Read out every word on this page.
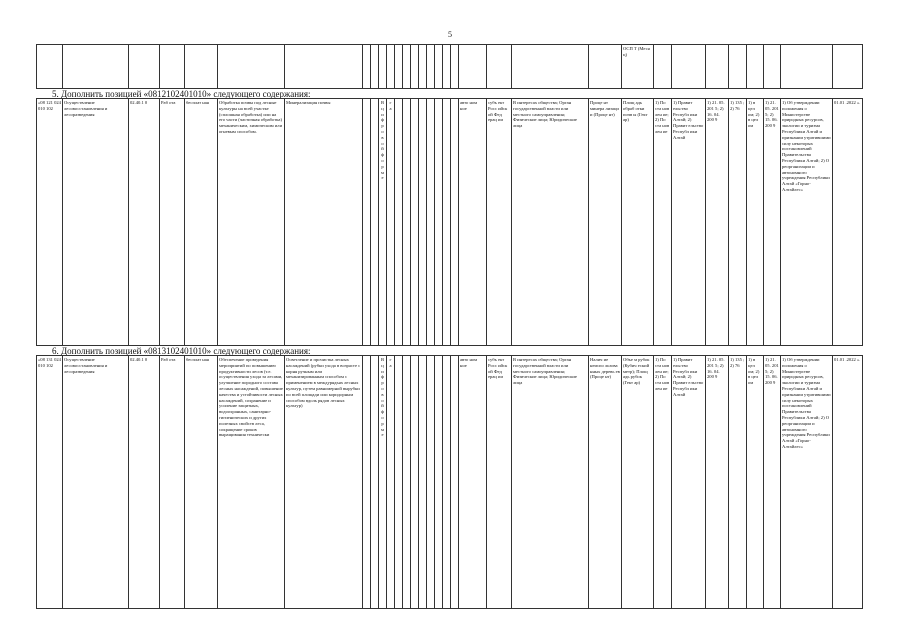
5
																							ОСП Т (Меся ц)								
5. Дополнить позицией «0812102401010» следующего содержания:
«08 121 024 010 102	Осуществление лесовосстановления и лесоразведения	02.40.1 0	Раб ота	бесплат ная	Обработка почвы под лесные культуры на всей участке (сплошная обработка) или на его части (частичная обработка) механическим, химическим или огневым способом.	Минерализация почвы			В ц и ф р о в о й ф о р м е	г а									авто ном ное	субъ ект Росс ийск ой Фед ерац ии	В интересах общества; Орган государственной власти или местного самоуправления; Физические лица; Юридические лица	Проце нт минера лизаци и (Проце нт)	Площ адь обраб отки почв ы (Гект ар)	1) По ста нов лен ие; 2) По ста нов лен ие	1) Правит ельство Республ ики Алтай; 2) Правит ельство Республ ики Алтай	1) 21. 05. 201 5; 2) 16. 04. 200 9	1) 135 ; 2) 76	1) в цел ом; 2) в цел ом	1) 21. 05. 201 5; 2) 15. 06. 200 9	1) Об утверждении положения о Министерстве природных ресурсов, экологии и туризма Республики Алтай и признании утратившими силу некоторых постановлений Правительства Республики Алтай; 2) О реорганизации и автономного учреждения Республики Алтай «Горно-Алтайлес»	01.01 .2022 ».
6. Дополнить позицией «0813102401010» следующего содержания:
«08 131 024 010 102	Осуществление лесовосстановления и лесоразведения	02.40.1 0	Раб ота	бесплат ная	Обеспечение проведения мероприятий по повышению продуктивности лесов (т.е. осуществления ухода за лесами, улучшение породного состава лесных насаждений, повышение качества и устойчивости лесных насаждений, сохранение и усиление защитных, водоохранных, санитарно-гигиенических и других полезных свойств леса, сокращение сроков выращивания технически	Осветление и прочистка лесных насаждений (рубки ухода в возрасте с корня ручным или механизированным способом с применением в междурядьях лесных культур, путем равномерной вырубки по всей площади или коридорным способом вдоль рядов лесных культур)			В ц и ф р о в о й ф о р м е	г а									авто ном ное	субъ ект Росс ийск ой Фед ерац ии	В интересах общества; Орган государственной власти или местного самоуправления; Физические лица; Юридические лица	Налич ие неиспо льзова нных деревь ев (Проце нт)	Объе м рубок (Кубич еский метр); Площ адь рубок (Гект ар)	1) По ста нов лен ие; 2) По ста нов лен ие	1) Правит ельство Республ ики Алтай; 2) Правит ельство Республ ики Алтай	1) 21. 05. 201 5; 2) 16. 04. 200 9	1) 135 ; 2) 76	1) в цел ом; 2) в цел ом	1) 21. 05. 201 5; 2) 15. 06. 200 9	1) Об утверждении положения о Министерстве природных ресурсов, экологии и туризма Республики Алтай и признании утратившими силу некоторых постановлений Правительства Республики Алтай; 2) О реорганизации и автономного учреждения Республики Алтай «Горно-Алтайлес»	01.01 .2022 ».
